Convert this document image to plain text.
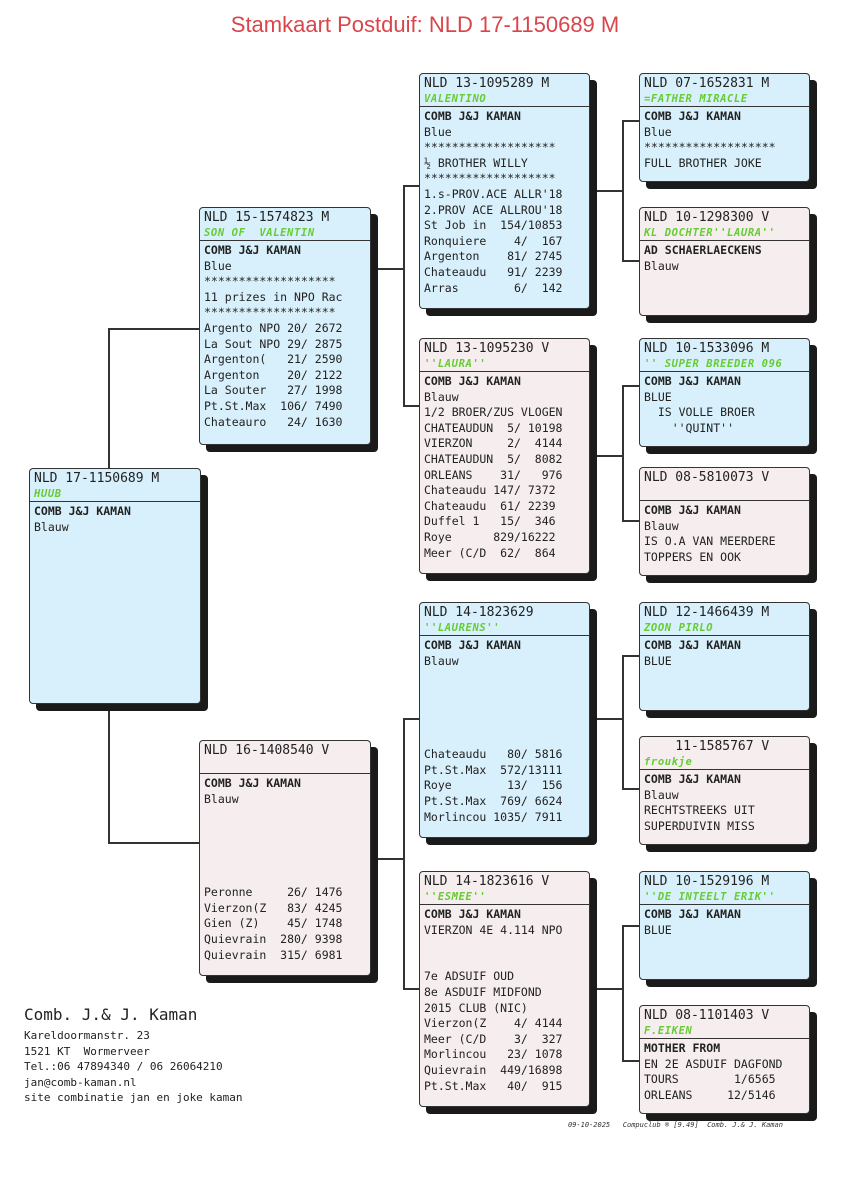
Stamkaart Postduif: NLD 17-1150689 M
NLD 17-1150689 M
HUUB
COMB J&J KAMAN
Blauw
NLD 15-1574823 M
SON OF  VALENTIN
COMB J&J KAMAN
Blue
*******************
11 prizes in NPO Rac
*******************
Argento NPO 20/ 2672
La Sout NPO 29/ 2875
Argenton(   21/ 2590
Argenton    20/ 2122
La Souter   27/ 1998
Pt.St.Max  106/ 7490
Chateauro   24/ 1630
NLD 16-1408540 V
COMB J&J KAMAN
Blauw
Peronne     26/ 1476
Vierzon(Z   83/ 4245
Gien (Z)    45/ 1748
Quievrain  280/ 9398
Quievrain  315/ 6981
NLD 13-1095289 M
VALENTINO
COMB J&J KAMAN
Blue
*******************
½ BROTHER WILLY
*******************
1.s-PROV.ACE ALLR'18
2.PROV ACE ALLROU'18
St Job in  154/10853
Ronquiere    4/  167
Argenton    81/ 2745
Chateaudu   91/ 2239
Arras        6/  142
NLD 13-1095230 V
''LAURA''
COMB J&J KAMAN
Blauw
1/2 BROER/ZUS VLOGEN
CHATEAUDUN  5/ 10198
VIERZON     2/  4144
CHATEAUDUN  5/  8082
ORLEANS    31/   976
Chateaudu 147/ 7372
Chateaudu  61/ 2239
Duffel 1   15/  346
Roye      829/16222
Meer (C/D  62/  864
NLD 14-1823629
''LAURENS''
COMB J&J KAMAN
Blauw
Chateaudu   80/ 5816
Pt.St.Max  572/13111
Roye        13/  156
Pt.St.Max  769/ 6624
Morlincou 1035/ 7911
NLD 14-1823616 V
''ESMEE''
COMB J&J KAMAN
VIERZON 4E 4.114 NPO
7e ADSUIF OUD
8e ASDUIF MIDFOND
2015 CLUB (NIC)
Vierzon(Z    4/ 4144
Meer (C/D    3/  327
Morlincou   23/ 1078
Quievrain  449/16898
Pt.St.Max   40/  915
NLD 07-1652831 M
=FATHER MIRACLE
COMB J&J KAMAN
Blue
*******************
FULL BROTHER JOKE
NLD 10-1298300 V
KL DOCHTER''LAURA''
AD SCHAERLAECKENS
Blauw
NLD 10-1533096 M
'' SUPER BREEDER 096
COMB J&J KAMAN
BLUE
IS VOLLE BROER
''QUINT''
NLD 08-5810073 V
COMB J&J KAMAN
Blauw
IS O.A VAN MEERDERE
TOPPERS EN OOK
NLD 12-1466439 M
ZOON PIRLO
COMB J&J KAMAN
BLUE
11-1585767 V
froukje
COMB J&J KAMAN
Blauw
RECHTSTREEKS UIT
SUPERDUIVIN MISS
NLD 10-1529196 M
''DE INTEELT ERIK''
COMB J&J KAMAN
BLUE
NLD 08-1101403 V
F.EIKEN
MOTHER FROM
EN 2E ASDUIF DAGFOND
TOURS        1/6565
ORLEANS     12/5146
Comb. J.& J. Kaman
Kareldoormanstr. 23
1521 KT  Wormerveer
Tel.:06 47894340 / 06 26064210
jan@comb-kaman.nl
site combinatie jan en joke kaman
09-10-2025   Compuclub ® [9.49]  Comb. J.& J. Kaman
